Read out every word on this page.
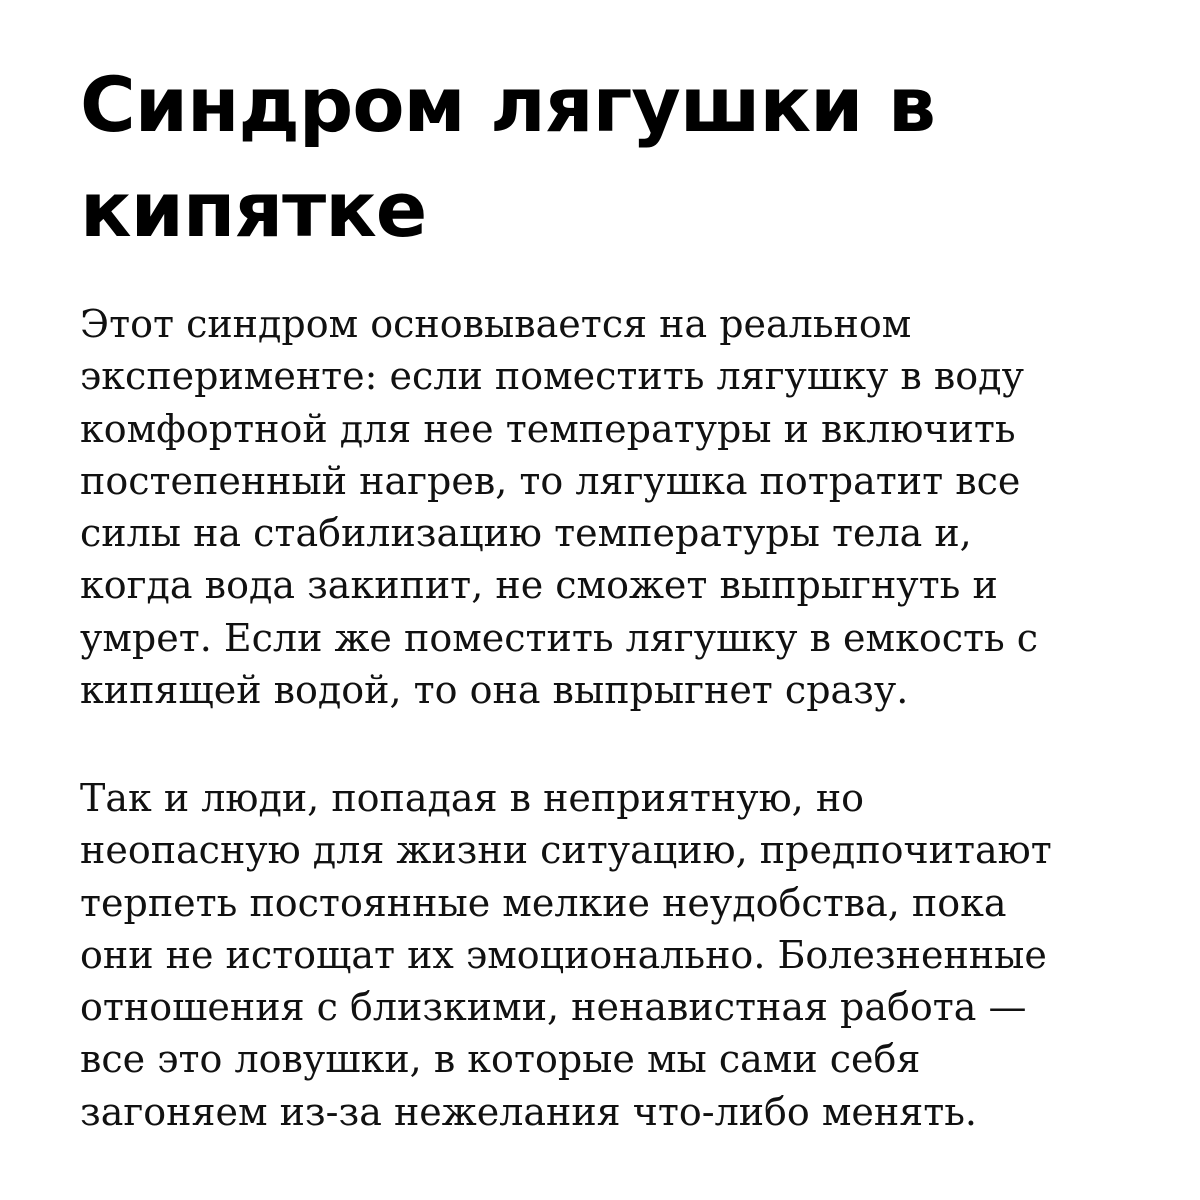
Синдром лягушки в
кипятке

Этот синдром основывается на реальном
эксперименте: если поместить лягушку в воду
комфортной для нее температуры и включить
постепенный нагрев, то лягушка потратит все
силы на стабилизацию температуры тела и,
когда вода закипит, не сможет выпрыгнуть и
умрет. Если же поместить лягушку в емкость с
кипящей водой, то она выпрыгнет сразу.

Так и люди, попадая в неприятную, но
неопасную для жизни ситуацию, предпочитают
терпеть постоянные мелкие неудобства, пока
они не истощат их эмоционально. Болезненные
отношения с близкими, ненавистная работа —
все это ловушки, в которые мы сами себя
загоняем из-за нежелания что-либо менять.
